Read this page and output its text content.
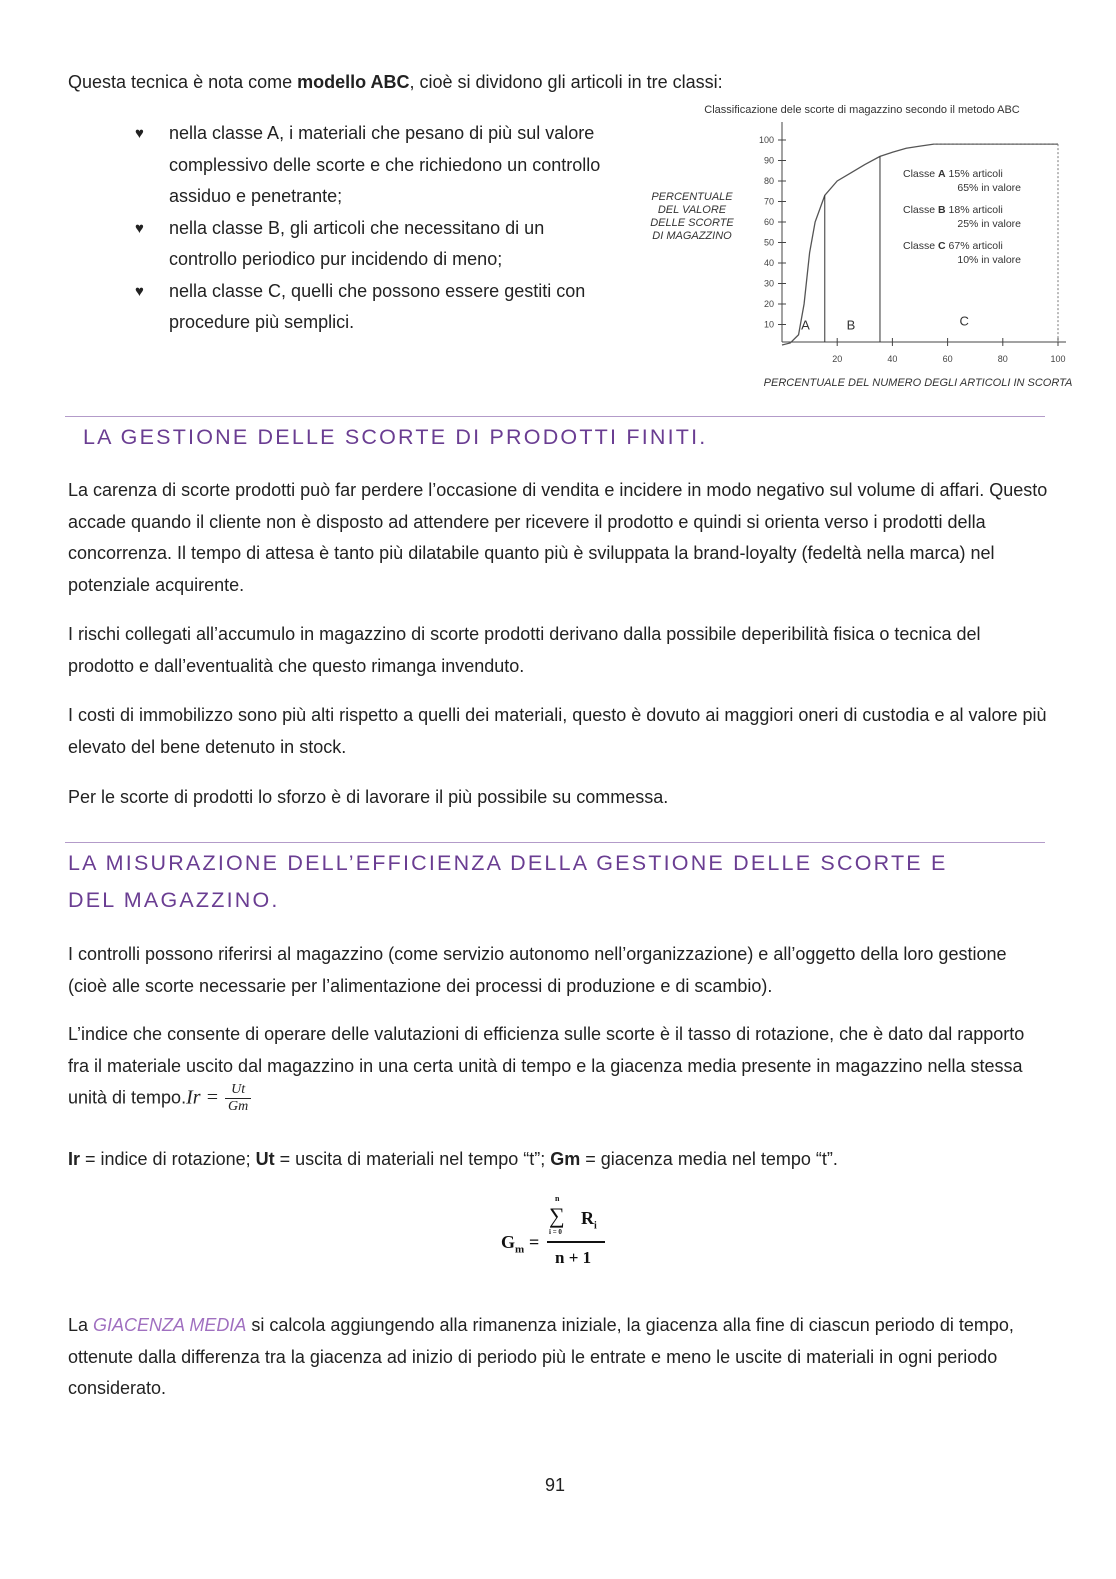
Questa tecnica è nota come modello ABC, cioè si dividono gli articoli in tre classi:
♥ nella classe A, i materiali che pesano di più sul valore complessivo delle scorte e che richiedono un controllo assiduo e penetrante;
♥ nella classe B, gli articoli che necessitano di un controllo periodico pur incidendo di meno;
♥ nella classe C, quelli che possono essere gestiti con procedure più semplici.
Classificazione dele scorte di magazzino secondo il metodo ABC
PERCENTUALE
DEL VALORE
DELLE SCORTE
DI MAGAZZINO
100
90
80
70
60
50
40
30
20
10
20	40	60	80	100
A	B	C
Classe A 15% articoli
65% in valore
Classe B 18% articoli
25% in valore
Classe C 67% articoli
10% in valore
PERCENTUALE DEL NUMERO DEGLI ARTICOLI IN SCORTA
LA GESTIONE DELLE SCORTE DI PRODOTTI FINITI.
La carenza di scorte prodotti può far perdere l’occasione di vendita e incidere in modo negativo sul volume di affari. Questo accade quando il cliente non è disposto ad attendere per ricevere il prodotto e quindi si orienta verso i prodotti della concorrenza. Il tempo di attesa è tanto più dilatabile quanto più è sviluppata la brand-loyalty (fedeltà nella marca) nel potenziale acquirente.
I rischi collegati all’accumulo in magazzino di scorte prodotti derivano dalla possibile deperibilità fisica o tecnica del prodotto e dall’eventualità che questo rimanga invenduto.
I costi di immobilizzo sono più alti rispetto a quelli dei materiali, questo è dovuto ai maggiori oneri di custodia e al valore più elevato del bene detenuto in stock.
Per le scorte di prodotti lo sforzo è di lavorare il più possibile su commessa.
LA MISURAZIONE DELL’EFFICIENZA DELLA GESTIONE DELLE SCORTE E DEL MAGAZZINO.
I controlli possono riferirsi al magazzino (come servizio autonomo nell’organizzazione) e all’oggetto della loro gestione (cioè alle scorte necessarie per l’alimentazione dei processi di produzione e di scambio).
L’indice che consente di operare delle valutazioni di efficienza sulle scorte è il tasso di rotazione, che è dato dal rapporto fra il materiale uscito dal magazzino in una certa unità di tempo e la giacenza media presente in magazzino nella stessa unità di tempo.Ir = $\frac{Ut}{Gm}$
Ir = indice di rotazione; Ut = uscita di materiali nel tempo “t”; Gm = giacenza media nel tempo “t”.
$G_m$ =
n
∑
i = 0
$R_i$
n + 1
La GIACENZA MEDIA si calcola aggiungendo alla rimanenza iniziale, la giacenza alla fine di ciascun periodo di tempo, ottenute dalla differenza tra la giacenza ad inizio di periodo più le entrate e meno le uscite di materiali in ogni periodo considerato.
91
